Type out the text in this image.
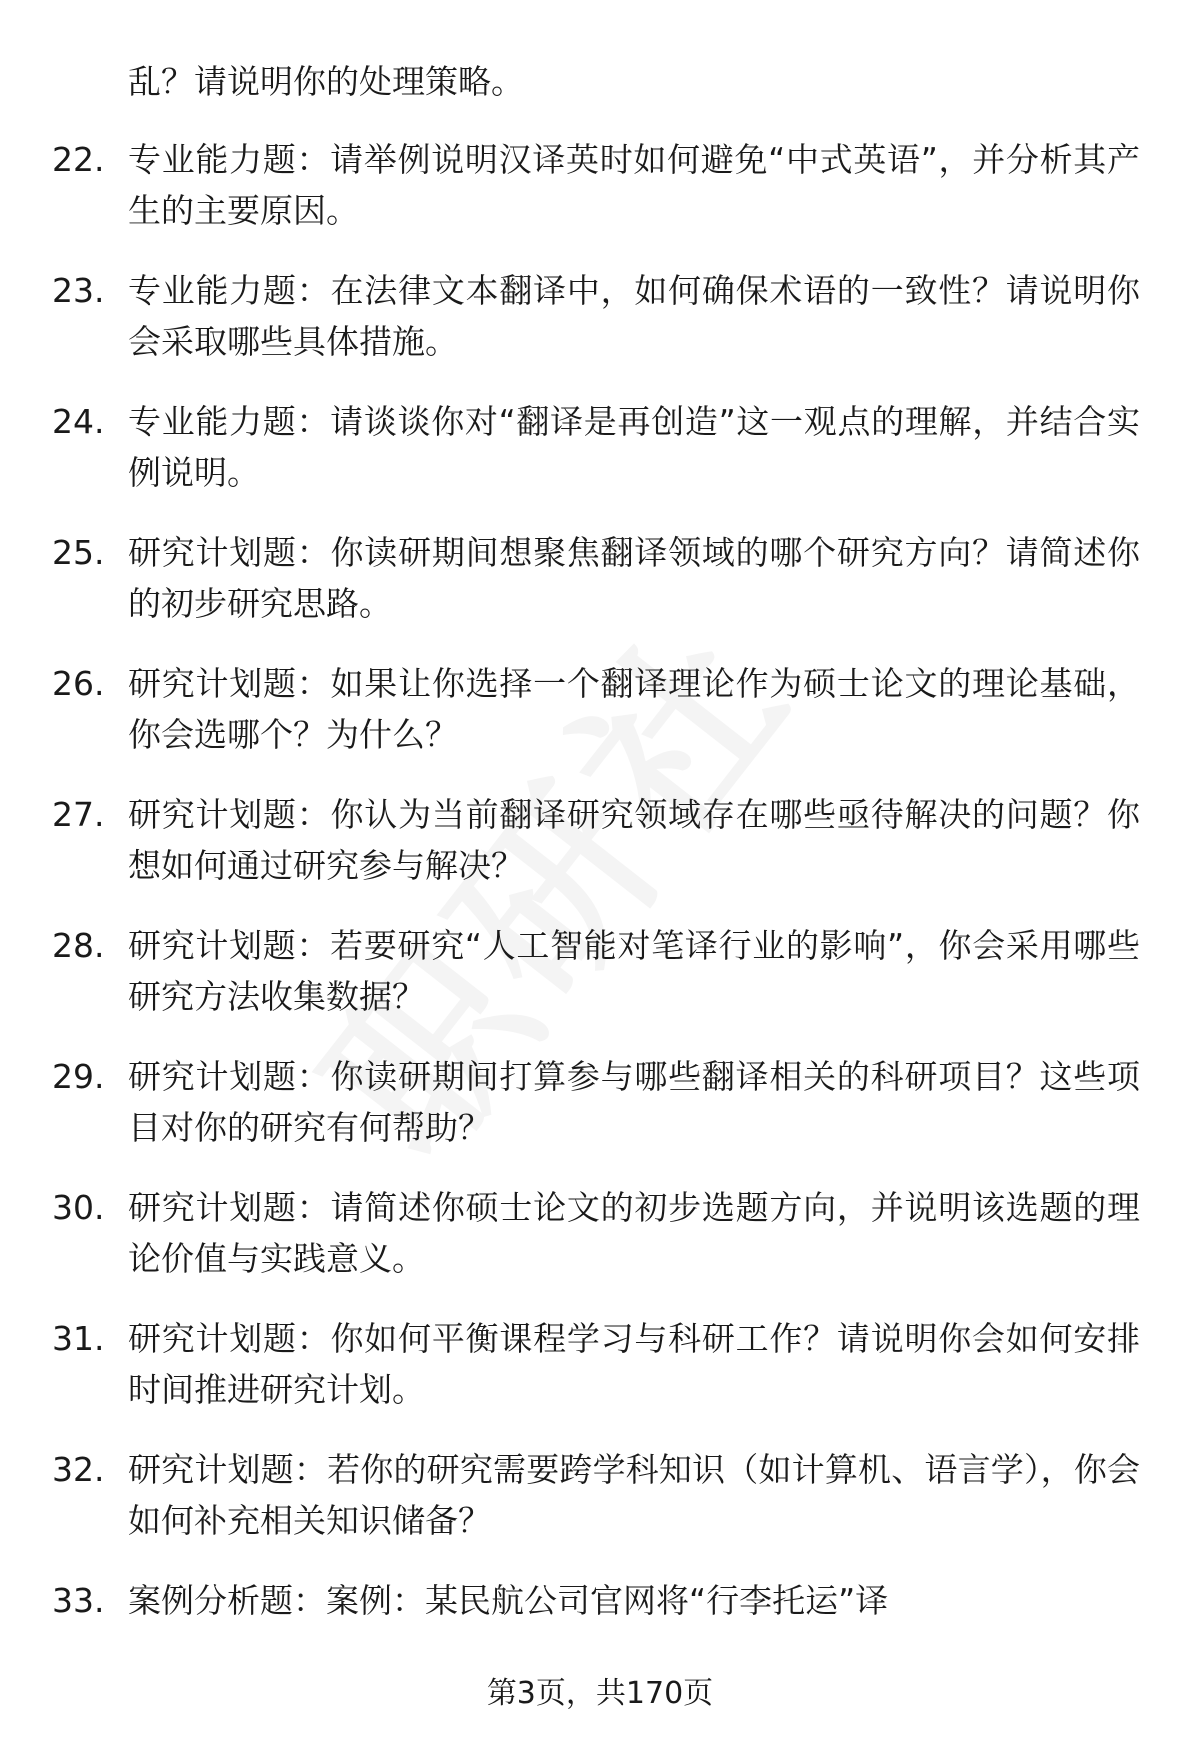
乱？请说明你的处理策略。

22. 专业能力题：请举例说明汉译英时如何避免“中式英语”，并分析其产生的主要原因。
23. 专业能力题：在法律文本翻译中，如何确保术语的一致性？请说明你会采取哪些具体措施。
24. 专业能力题：请谈谈你对“翻译是再创造”这一观点的理解，并结合实例说明。
25. 研究计划题：你读研期间想聚焦翻译领域的哪个研究方向？请简述你的初步研究思路。
26. 研究计划题：如果让你选择一个翻译理论作为硕士论文的理论基础，你会选哪个？为什么？
27. 研究计划题：你认为当前翻译研究领域存在哪些亟待解决的问题？你想如何通过研究参与解决？
28. 研究计划题：若要研究“人工智能对笔译行业的影响”，你会采用哪些研究方法收集数据？
29. 研究计划题：你读研期间打算参与哪些翻译相关的科研项目？这些项目对你的研究有何帮助？
30. 研究计划题：请简述你硕士论文的初步选题方向，并说明该选题的理论价值与实践意义。
31. 研究计划题：你如何平衡课程学习与科研工作？请说明你会如何安排时间推进研究计划。
32. 研究计划题：若你的研究需要跨学科知识（如计算机、语言学），你会如何补充相关知识储备？
33. 案例分析题：案例：某民航公司官网将“行李托运”译
第3页，共170页
